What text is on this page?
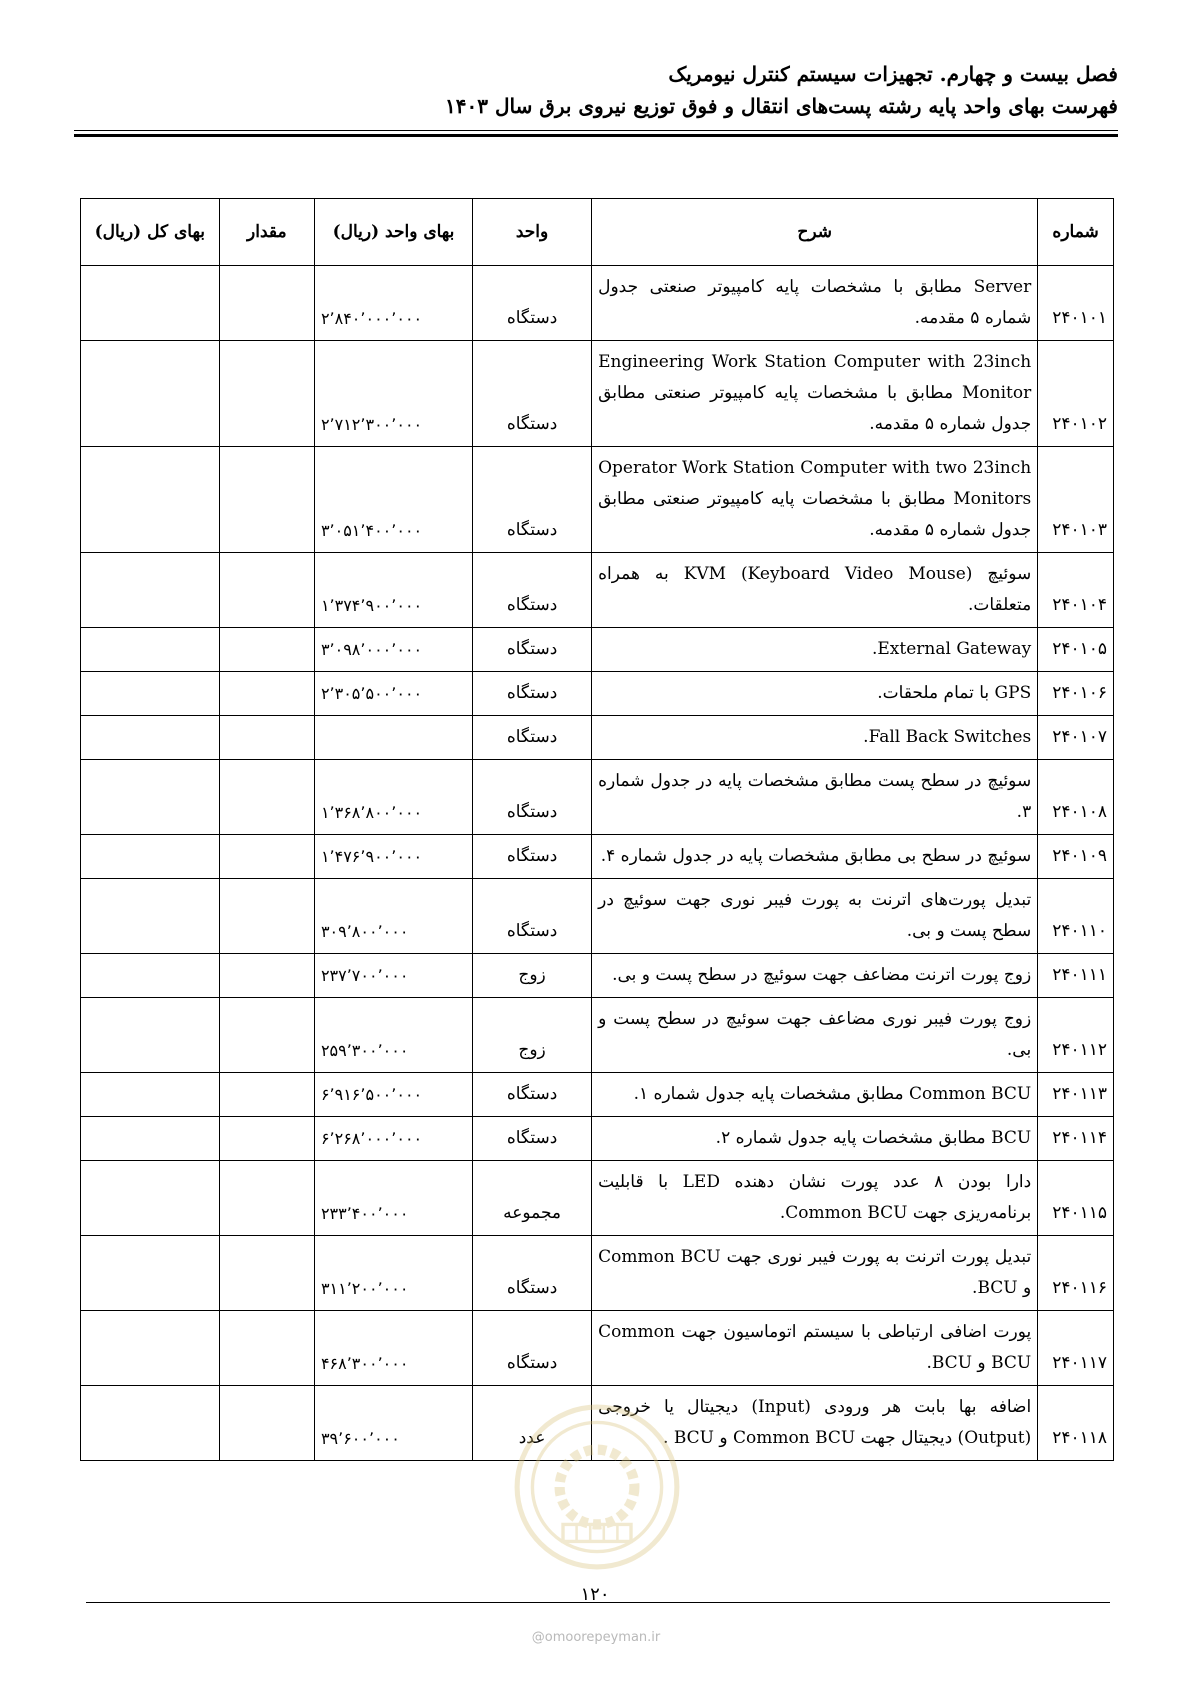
فصل بیست و چهارم. تجهیزات سیستم کنترل نیومریک
فهرست بهای واحد پایه رشته پست‌های انتقال و فوق توزیع نیروی برق سال ۱۴۰۳
شماره	شرح	واحد	بهای واحد (ریال)	مقدار	بهای کل (ریال)
۲۴۰۱۰۱	Server مطابق با مشخصات پایه کامپیوتر صنعتی جدول شماره ۵ مقدمه.	دستگاه	۲٬۸۴۰٬۰۰۰٬۰۰۰		
۲۴۰۱۰۲	Engineering Work Station Computer with 23inch Monitor مطابق با مشخصات پایه کامپیوتر صنعتی مطابق جدول شماره ۵ مقدمه.	دستگاه	۲٬۷۱۲٬۳۰۰٬۰۰۰		
۲۴۰۱۰۳	Operator Work Station Computer with two 23inch Monitors مطابق با مشخصات پایه کامپیوتر صنعتی مطابق جدول شماره ۵ مقدمه.	دستگاه	۳٬۰۵۱٬۴۰۰٬۰۰۰		
۲۴۰۱۰۴	سوئیچ KVM (Keyboard Video Mouse) به همراه متعلقات.	دستگاه	۱٬۳۷۴٬۹۰۰٬۰۰۰		
۲۴۰۱۰۵	External Gateway.	دستگاه	۳٬۰۹۸٬۰۰۰٬۰۰۰		
۲۴۰۱۰۶	GPS با تمام ملحقات.	دستگاه	۲٬۳۰۵٬۵۰۰٬۰۰۰		
۲۴۰۱۰۷	Fall Back Switches.	دستگاه			
۲۴۰۱۰۸	سوئیچ در سطح پست مطابق مشخصات پایه در جدول شماره ۳.	دستگاه	۱٬۳۶۸٬۸۰۰٬۰۰۰		
۲۴۰۱۰۹	سوئیچ در سطح بی مطابق مشخصات پایه در جدول شماره ۴.	دستگاه	۱٬۴۷۶٬۹۰۰٬۰۰۰		
۲۴۰۱۱۰	تبدیل پورت‌های اترنت به پورت فیبر نوری جهت سوئیچ در سطح پست و بی.	دستگاه	۳۰۹٬۸۰۰٬۰۰۰		
۲۴۰۱۱۱	زوج پورت اترنت مضاعف جهت سوئیچ در سطح پست و بی.	زوج	۲۳۷٬۷۰۰٬۰۰۰		
۲۴۰۱۱۲	زوج پورت فیبر نوری مضاعف جهت سوئیچ در سطح پست و بی.	زوج	۲۵۹٬۳۰۰٬۰۰۰		
۲۴۰۱۱۳	Common BCU مطابق مشخصات پایه جدول شماره ۱.	دستگاه	۶٬۹۱۶٬۵۰۰٬۰۰۰		
۲۴۰۱۱۴	BCU مطابق مشخصات پایه جدول شماره ۲.	دستگاه	۶٬۲۶۸٬۰۰۰٬۰۰۰		
۲۴۰۱۱۵	دارا بودن ۸ عدد پورت نشان دهنده LED با قابلیت برنامه‌ریزی جهت Common BCU.	مجموعه	۲۳۳٬۴۰۰٬۰۰۰		
۲۴۰۱۱۶	تبدیل پورت اترنت به پورت فیبر نوری جهت Common BCU و BCU.	دستگاه	۳۱۱٬۲۰۰٬۰۰۰		
۲۴۰۱۱۷	پورت اضافی ارتباطی با سیستم اتوماسیون جهت Common BCU و BCU.	دستگاه	۴۶۸٬۳۰۰٬۰۰۰		
۲۴۰۱۱۸	اضافه بها بابت هر ورودی (Input) دیجیتال یا خروجی (Output) دیجیتال جهت Common BCU و BCU .	عدد	۳۹٬۶۰۰٬۰۰۰		
۱۲۰
@omoorepeyman.ir
